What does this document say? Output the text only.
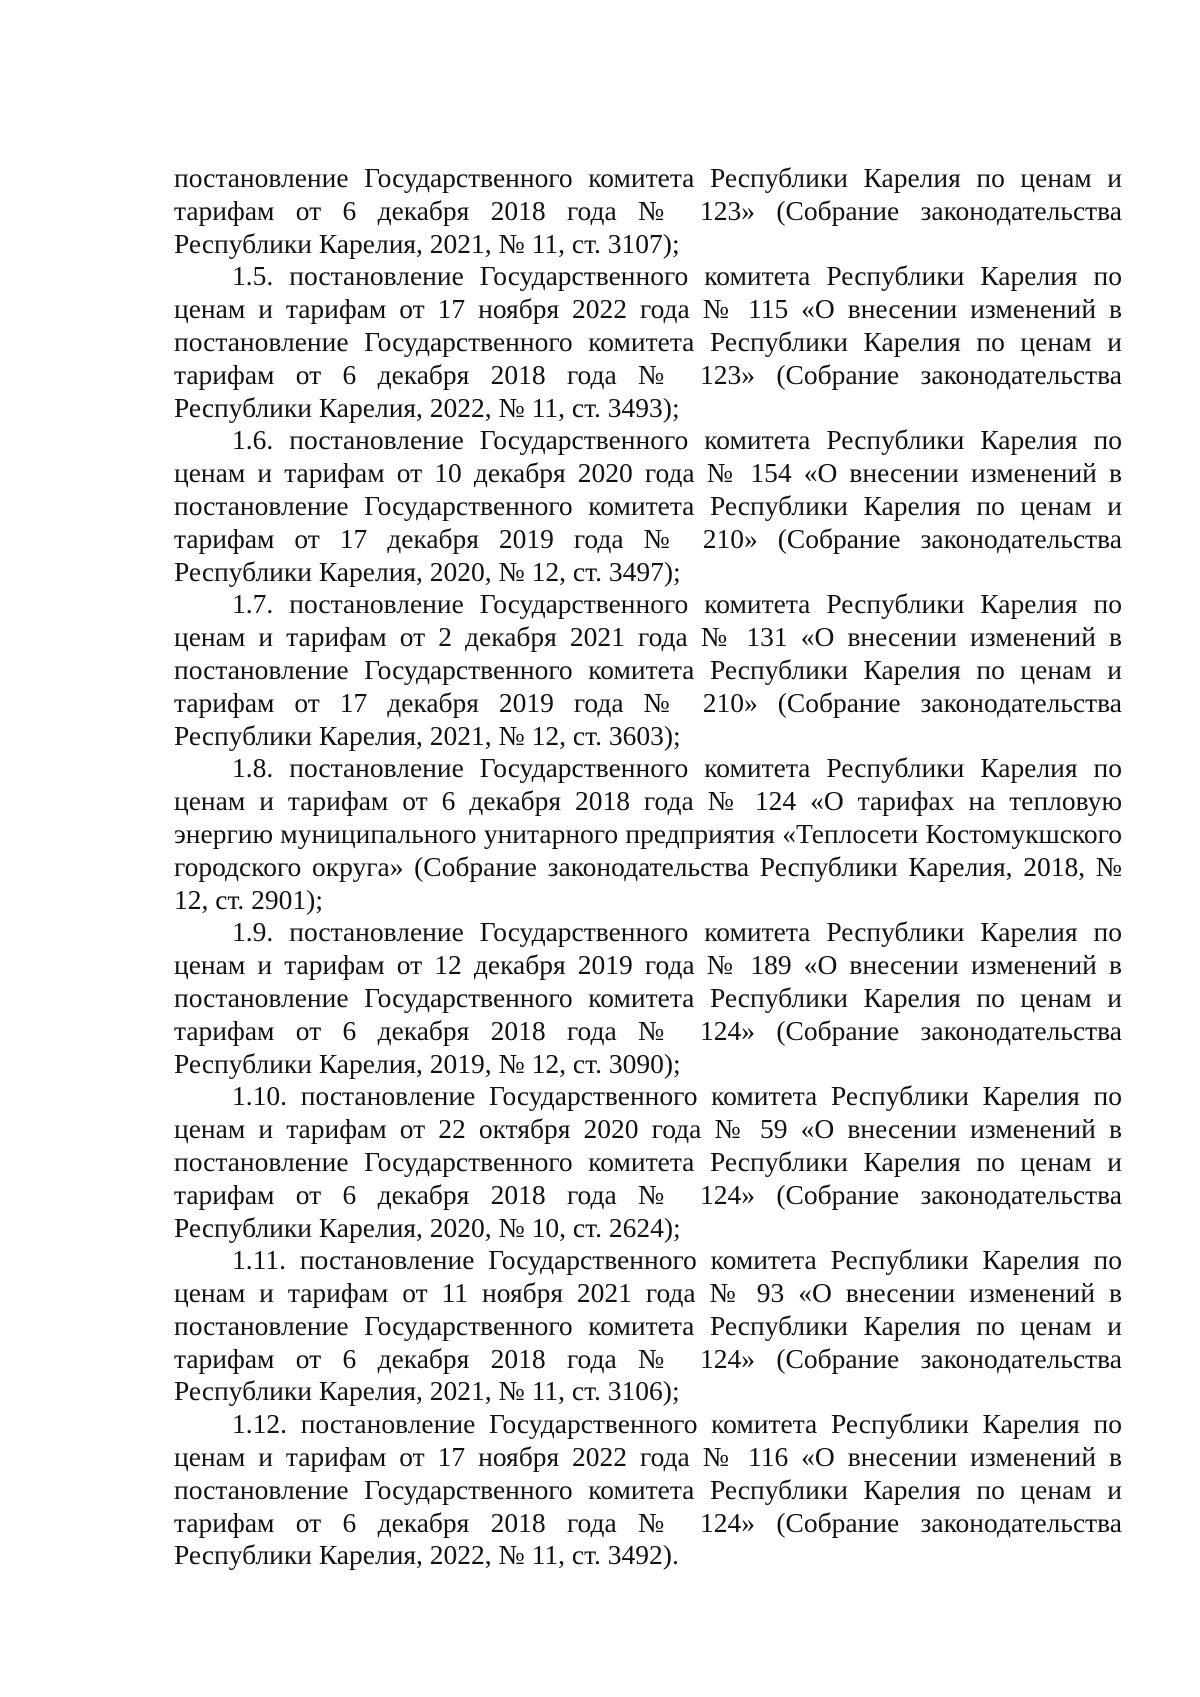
постановление Государственного комитета Республики Карелия по ценам и тарифам от 6 декабря 2018 года № 123» (Собрание законодательства Республики Карелия, 2021, № 11, ст. 3107);

1.5. постановление Государственного комитета Республики Карелия по ценам и тарифам от 17 ноября 2022 года № 115 «О внесении изменений в постановление Государственного комитета Республики Карелия по ценам и тарифам от 6 декабря 2018 года № 123» (Собрание законодательства Республики Карелия, 2022, № 11, ст. 3493);

1.6. постановление Государственного комитета Республики Карелия по ценам и тарифам от 10 декабря 2020 года № 154 «О внесении изменений в постановление Государственного комитета Республики Карелия по ценам и тарифам от 17 декабря 2019 года № 210» (Собрание законодательства Республики Карелия, 2020, № 12, ст. 3497);

1.7. постановление Государственного комитета Республики Карелия по ценам и тарифам от 2 декабря 2021 года № 131 «О внесении изменений в постановление Государственного комитета Республики Карелия по ценам и тарифам от 17 декабря 2019 года № 210» (Собрание законодательства Республики Карелия, 2021, № 12, ст. 3603);

1.8. постановление Государственного комитета Республики Карелия по ценам и тарифам от 6 декабря 2018 года № 124 «О тарифах на тепловую энергию муниципального унитарного предприятия «Теплосети Костомукшского городского округа» (Собрание законодательства Республики Карелия, 2018, № 12, ст. 2901);

1.9. постановление Государственного комитета Республики Карелия по ценам и тарифам от 12 декабря 2019 года № 189 «О внесении изменений в постановление Государственного комитета Республики Карелия по ценам и тарифам от 6 декабря 2018 года № 124» (Собрание законодательства Республики Карелия, 2019, № 12, ст. 3090);

1.10. постановление Государственного комитета Республики Карелия по ценам и тарифам от 22 октября 2020 года № 59 «О внесении изменений в постановление Государственного комитета Республики Карелия по ценам и тарифам от 6 декабря 2018 года № 124» (Собрание законодательства Республики Карелия, 2020, № 10, ст. 2624);

1.11. постановление Государственного комитета Республики Карелия по ценам и тарифам от 11 ноября 2021 года № 93 «О внесении изменений в постановление Государственного комитета Республики Карелия по ценам и тарифам от 6 декабря 2018 года № 124» (Собрание законодательства Республики Карелия, 2021, № 11, ст. 3106);

1.12. постановление Государственного комитета Республики Карелия по ценам и тарифам от 17 ноября 2022 года № 116 «О внесении изменений в постановление Государственного комитета Республики Карелия по ценам и тарифам от 6 декабря 2018 года № 124» (Собрание законодательства Республики Карелия, 2022, № 11, ст. 3492).
